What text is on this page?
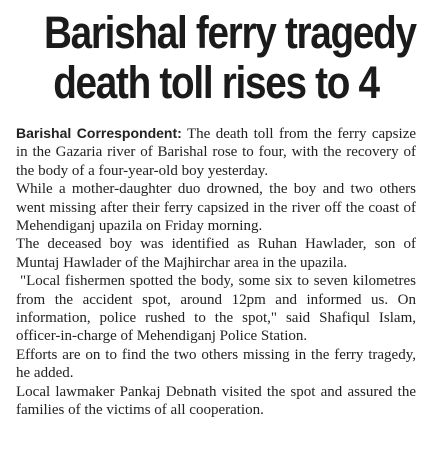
Barishal ferry tragedy
death toll rises to 4

Barishal Correspondent: The death toll from the ferry capsize in the Gazaria river of Barishal rose to four, with the recovery of the body of a four-year-old boy yesterday.

While a mother-daughter duo drowned, the boy and two others went missing after their ferry capsized in the river off the coast of Mehendiganj upazila on Friday morning.

The deceased boy was identified as Ruhan Hawlader, son of Muntaj Hawlader of the Majhirchar area in the upazila.

"Local fishermen spotted the body, some six to seven kilometres from the accident spot, around 12pm and informed us. On information, police rushed to the spot," said Shafiqul Islam, officer-in-charge of Mehendiganj Police Station.

Efforts are on to find the two others missing in the ferry tragedy, he added.

Local lawmaker Pankaj Debnath visited the spot and assured the families of the victims of all cooperation.
